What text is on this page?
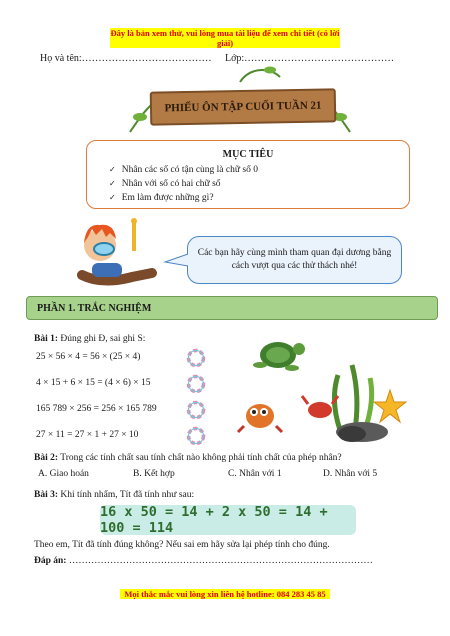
Đây là bản xem thử, vui lòng mua tài liệu để xem chi tiết (có lời giải)
Họ và tên:………………………………… Lớp:………………………………………
PHIẾU ÔN TẬP CUỐI TUẦN 21
MỤC TIÊU
✓ Nhân các số có tận cùng là chữ số 0
✓ Nhân với số có hai chữ số
✓ Em làm được những gì?
Các bạn hãy cùng mình tham quan đại dương bằng cách vượt qua các thử thách nhé!
PHẦN 1. TRẮC NGHIỆM
Bài 1: Đúng ghi Đ, sai ghi S:
25 × 56 × 4 = 56 × (25 × 4)
4 × 15 + 6 × 15 = (4 × 6) × 15
165 789 × 256 = 256 × 165 789
27 × 11 = 27 × 1 + 27 × 10
Bài 2: Trong các tính chất sau tính chất nào không phải tính chất của phép nhân?
A. Giao hoán	B. Kết hợp	C. Nhân với 1	D. Nhân với 5
Bài 3: Khi tính nhẩm, Tít đã tính như sau:
16 x 50 = 14 + 2 x 50 = 14 + 100 = 114
Theo em, Tít đã tính đúng không? Nếu sai em hãy sửa lại phép tính cho đúng.
Đáp án: ……………………………………………………………………………………
Mọi thắc mắc vui lòng xin liên hệ hotline: 084 283 45 85
